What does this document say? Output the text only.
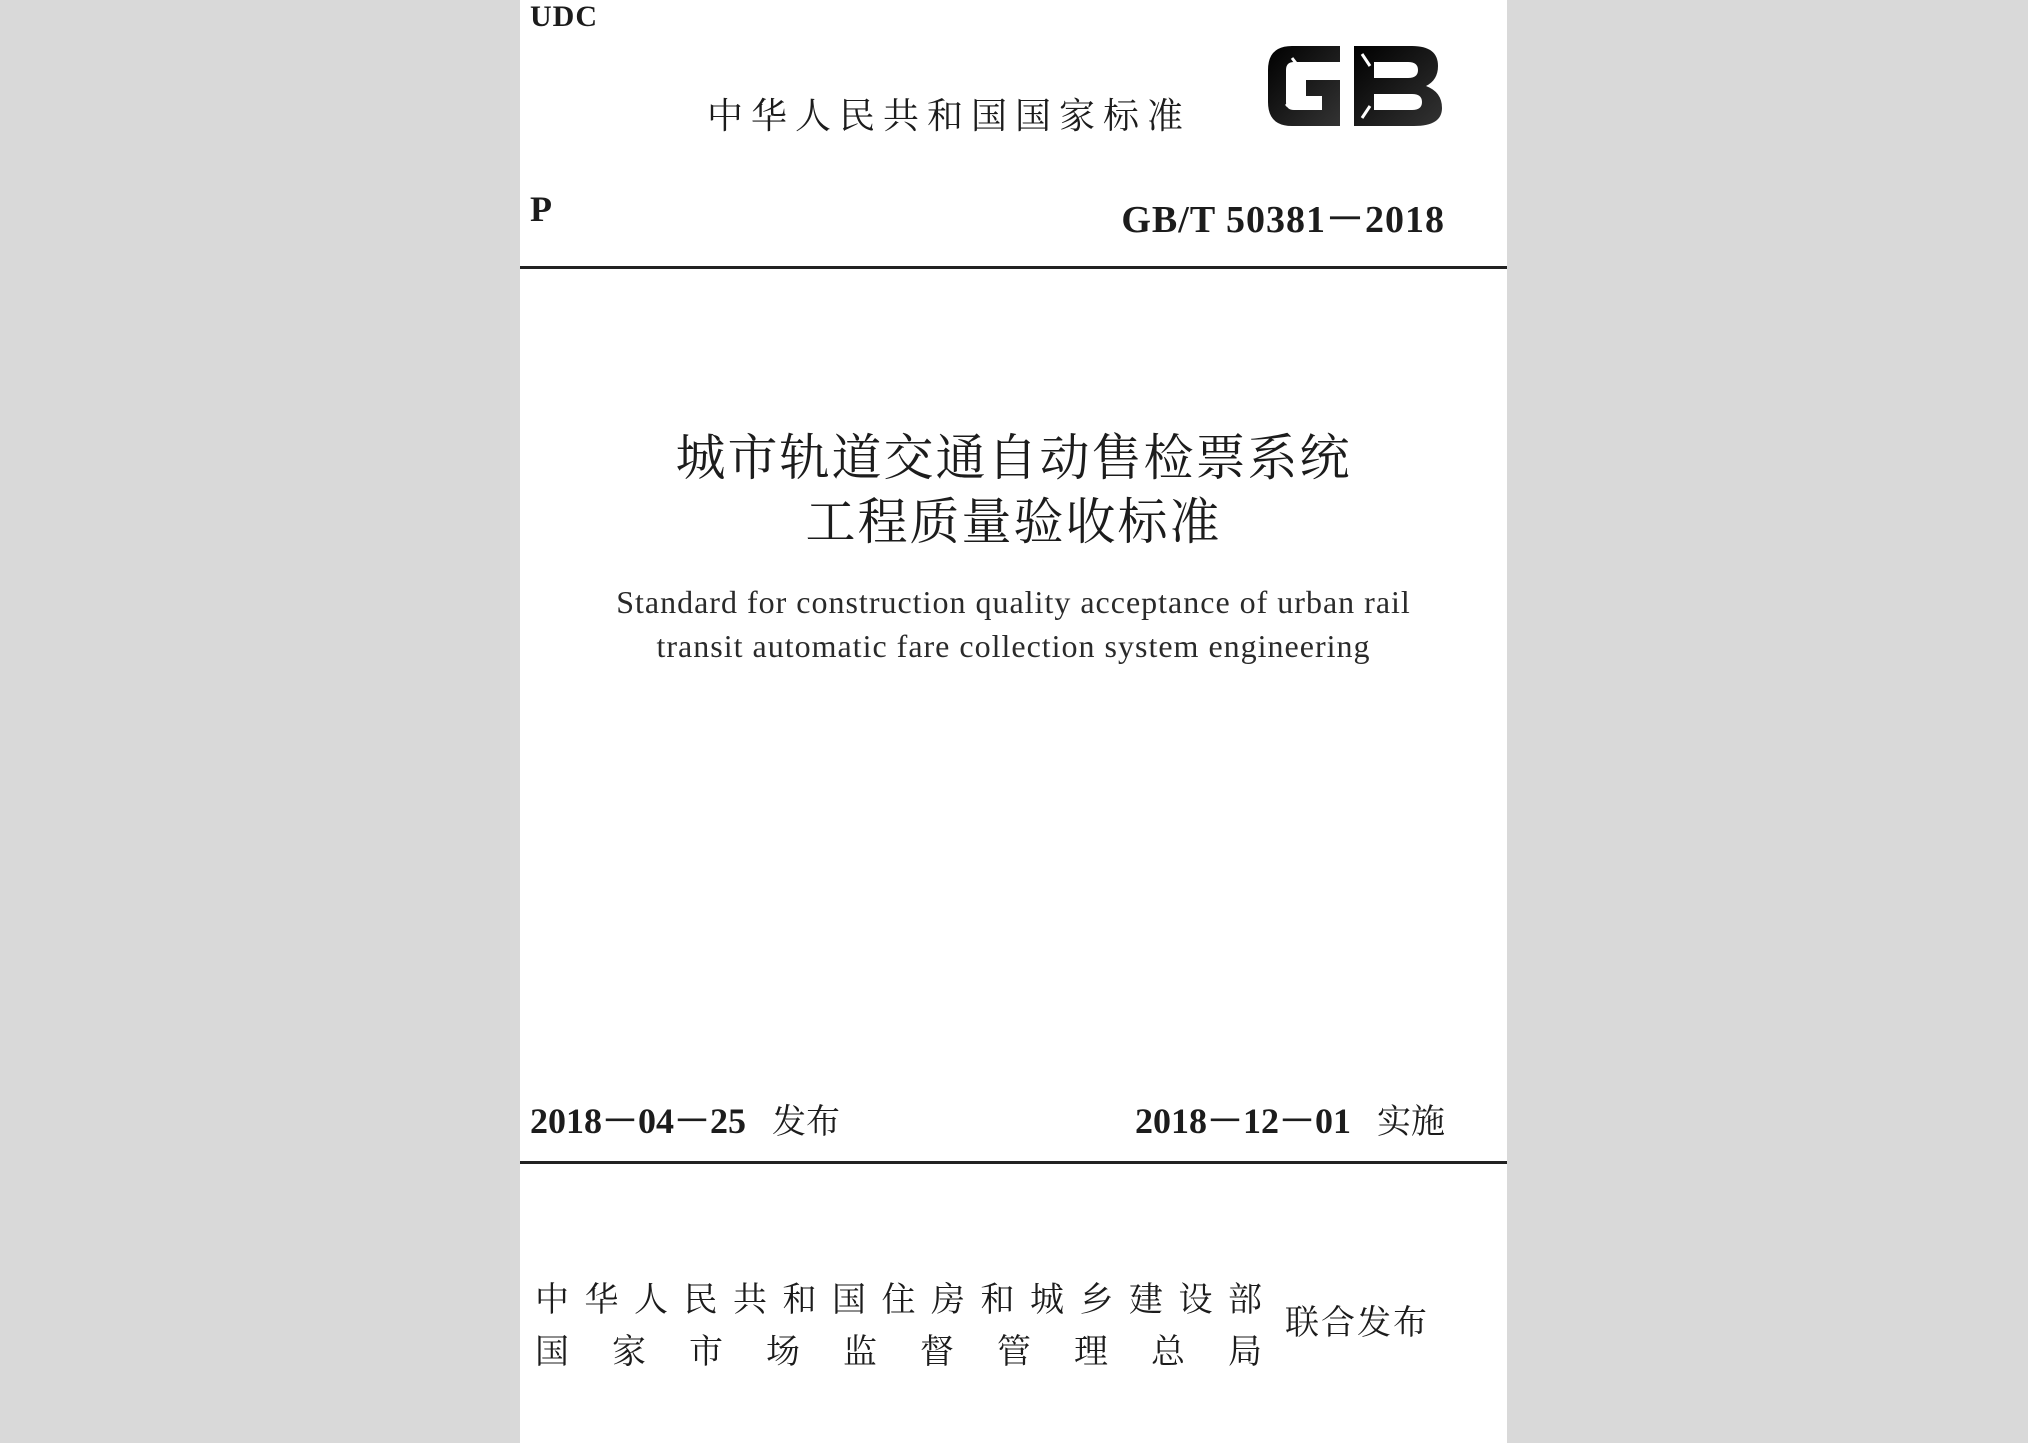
UDC
中华人民共和国国家标准
P	GB/T 50381－2018
城市轨道交通自动售检票系统
工程质量验收标准
Standard for construction quality acceptance of urban rail
transit automatic fare collection system engineering
2018－04－25 发布	2018－12－01 实施
中 华 人 民 共 和 国 住 房 和 城 乡 建 设 部
国 家 市 场 监 督 管 理 总 局
联合发布
